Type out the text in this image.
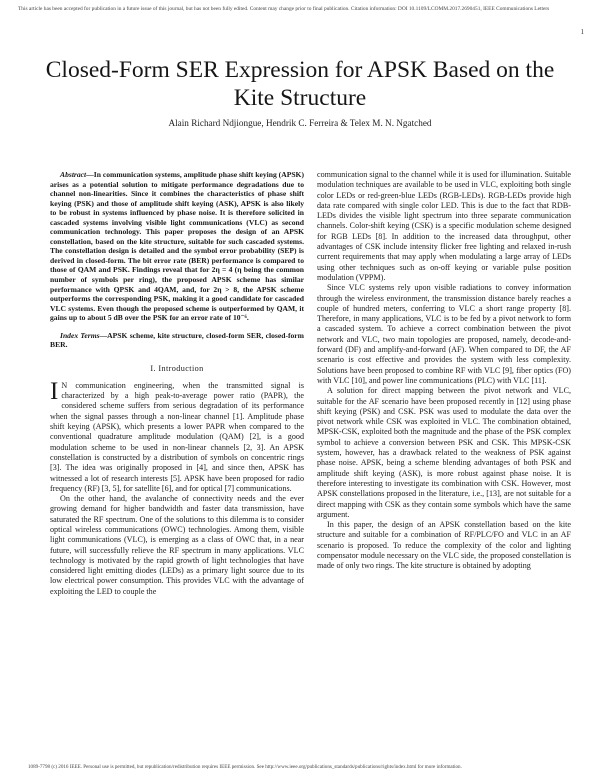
This article has been accepted for publication in a future issue of this journal, but has not been fully edited. Content may change prior to final publication. Citation information: DOI 10.1109/LCOMM.2017.2690451, IEEE Communications Letters
1
Closed-Form SER Expression for APSK Based on the Kite Structure
Alain Richard Ndjiongue, Hendrik C. Ferreira & Telex M. N. Ngatched

Abstract—In communication systems, amplitude phase shift keying (APSK) arises as a potential solution to mitigate performance degradations due to channel non-linearities. Since it combines the characteristics of phase shift keying (PSK) and those of amplitude shift keying (ASK), APSK is also likely to be robust in systems influenced by phase noise. It is therefore solicited in cascaded systems involving visible light communications (VLC) as second communication technology. This paper proposes the design of an APSK constellation, based on the kite structure, suitable for such cascaded systems. The constellation design is detailed and the symbol error probability (SEP) is derived in closed-form. The bit error rate (BER) performance is compared to those of QAM and PSK. Findings reveal that for 2η = 4 (η being the common number of symbols per ring), the proposed APSK scheme has similar performance with QPSK and 4QAM, and, for 2η > 8, the APSK scheme outperforms the corresponding PSK, making it a good candidate for cascaded VLC systems. Even though the proposed scheme is outperformed by QAM, it gains up to about 5 dB over the PSK for an error rate of 10⁻⁶.

Index Terms—APSK scheme, kite structure, closed-form SER, closed-form BER.

I. Introduction

I N communication engineering, when the transmitted signal is characterized by a high peak-to-average power ratio (PAPR), the considered scheme suffers from serious degradation of its performance when the signal passes through a non-linear channel [1]. Amplitude phase shift keying (APSK), which presents a lower PAPR when compared to the conventional quadrature amplitude modulation (QAM) [2], is a good modulation scheme to be used in non-linear channels [2, 3]. An APSK constellation is constructed by a distribution of symbols on concentric rings [3]. The idea was originally proposed in [4], and since then, APSK has witnessed a lot of research interests [5]. APSK have been proposed for radio frequency (RF) [3, 5], for satellite [6], and for optical [7] communications.

On the other hand, the avalanche of connectivity needs and the ever growing demand for higher bandwidth and faster data transmission, have saturated the RF spectrum. One of the solutions to this dilemma is to consider optical wireless communications (OWC) technologies. Among them, visible light communications (VLC), is emerging as a class of OWC that, in a near future, will successfully relieve the RF spectrum in many applications. VLC technology is motivated by the rapid growth of light technologies that have considered light emitting diodes (LEDs) as a primary light source due to its low electrical power consumption. This provides VLC with the advantage of exploiting the LED to couple the

communication signal to the channel while it is used for illumination. Suitable modulation techniques are available to be used in VLC, exploiting both single color LEDs or red-green-blue LEDs (RGB-LEDs). RGB-LEDs provide high data rate compared with single color LED. This is due to the fact that RDB-LEDs divides the visible light spectrum into three separate communication channels. Color-shift keying (CSK) is a specific modulation scheme designed for RGB LEDs [8]. In addition to the increased data throughput, other advantages of CSK include intensity flicker free lighting and relaxed in-rush current requirements that may apply when modulating a large array of LEDs using other techniques such as on-off keying or variable pulse position modulation (VPPM).

Since VLC systems rely upon visible radiations to convey information through the wireless environment, the transmission distance barely reaches a couple of hundred meters, conferring to VLC a short range property [8]. Therefore, in many applications, VLC is to be fed by a pivot network to form a cascaded system. To achieve a correct combination between the pivot network and VLC, two main topologies are proposed, namely, decode-and-forward (DF) and amplify-and-forward (AF). When compared to DF, the AF scenario is cost effective and provides the system with less complexity. Solutions have been proposed to combine RF with VLC [9], fiber optics (FO) with VLC [10], and power line communications (PLC) with VLC [11].

A solution for direct mapping between the pivot network and VLC, suitable for the AF scenario have been proposed recently in [12] using phase shift keying (PSK) and CSK. PSK was used to modulate the data over the pivot network while CSK was exploited in VLC. The combination obtained, MPSK-CSK, exploited both the magnitude and the phase of the PSK complex symbol to achieve a conversion between PSK and CSK. This MPSK-CSK system, however, has a drawback related to the weakness of PSK against phase noise. APSK, being a scheme blending advantages of both PSK and amplitude shift keying (ASK), is more robust against phase noise. It is therefore interesting to investigate its combination with CSK. However, most APSK constellations proposed in the literature, i.e., [13], are not suitable for a direct mapping with CSK as they contain some symbols which have the same argument.

In this paper, the design of an APSK constellation based on the kite structure and suitable for a combination of RF/PLC/FO and VLC in an AF scenario is proposed. To reduce the complexity of the color and lighting compensator module necessary on the VLC side, the proposed constellation is made of only two rings. The kite structure is obtained by adopting

1089-7798 (c) 2016 IEEE. Personal use is permitted, but republication/redistribution requires IEEE permission. See http://www.ieee.org/publications_standards/publications/rights/index.html for more information.
